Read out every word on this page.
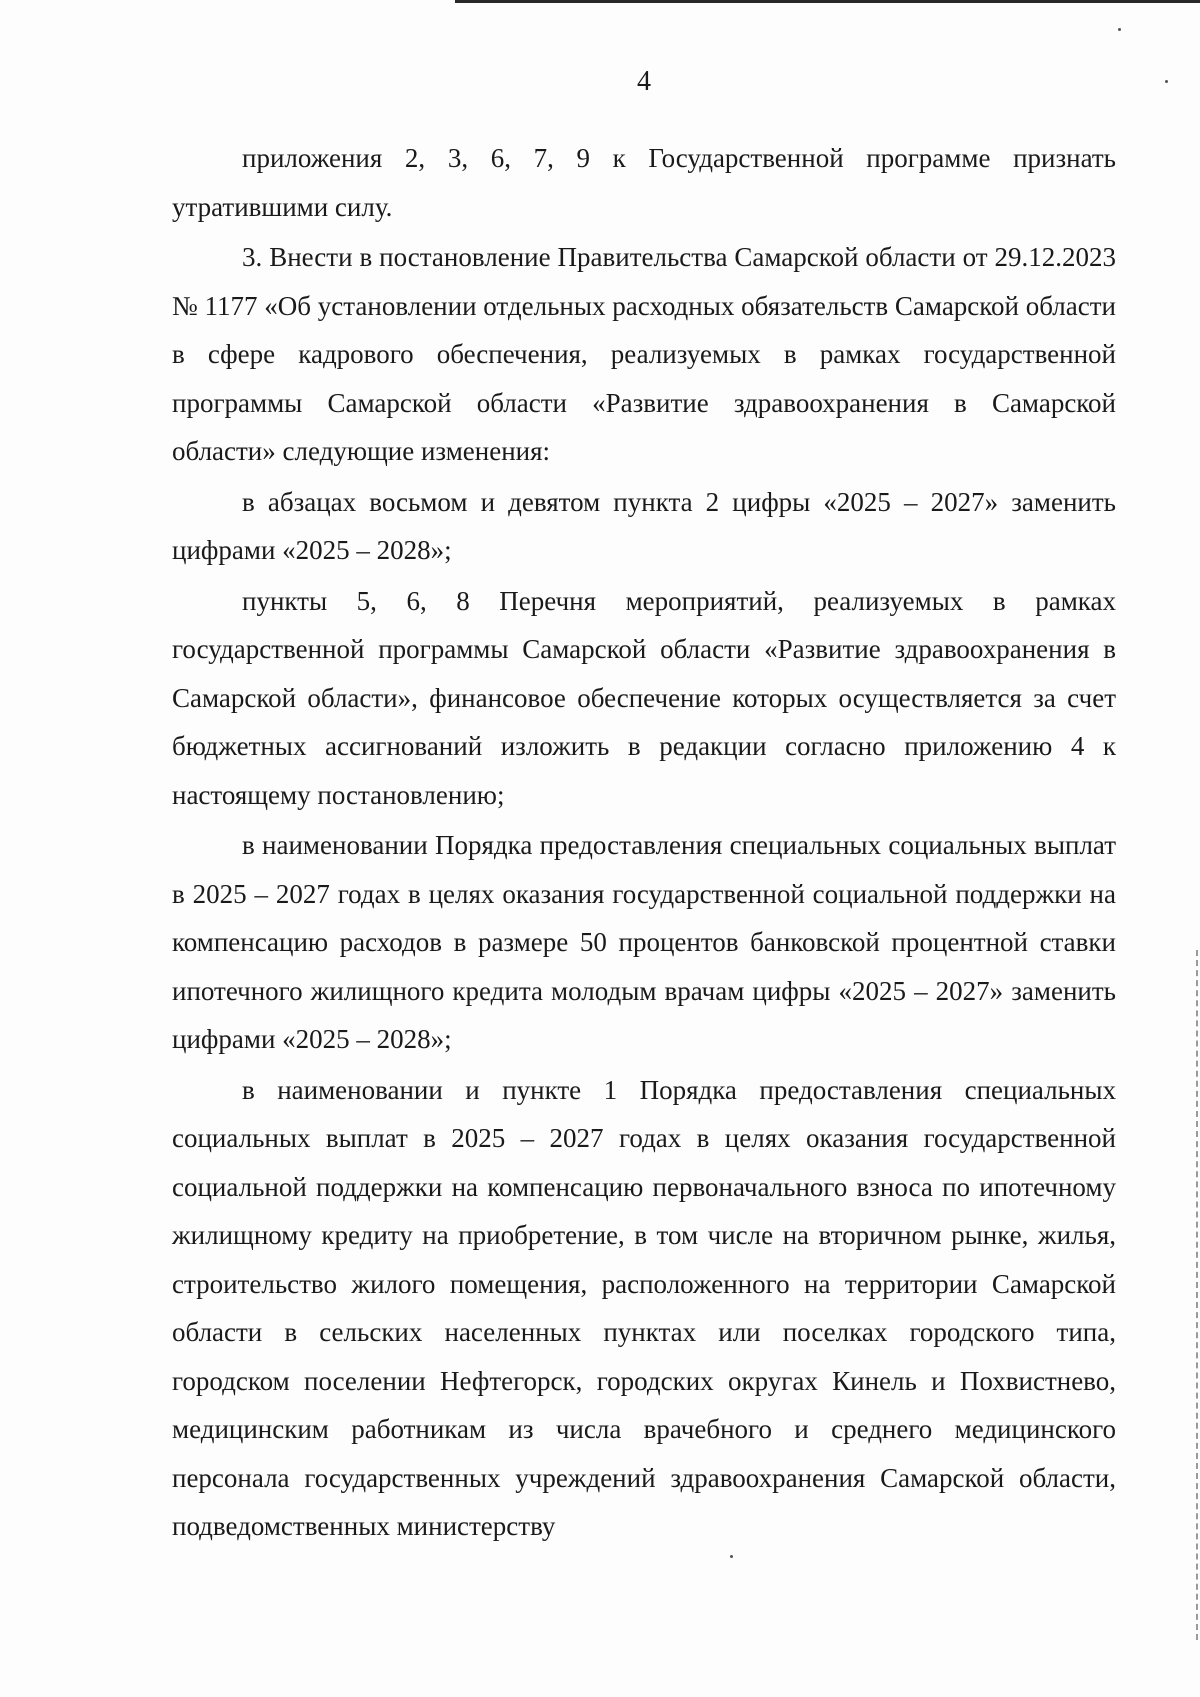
4

приложения 2, 3, 6, 7, 9 к Государственной программе признать утратившими силу.

3. Внести в постановление Правительства Самарской области от 29.12.2023 № 1177 «Об установлении отдельных расходных обязательств Самарской области в сфере кадрового обеспечения, реализуемых в рамках государственной программы Самарской области «Развитие здравоохранения в Самарской области» следующие изменения:

в абзацах восьмом и девятом пункта 2 цифры «2025 – 2027» заменить цифрами «2025 – 2028»;

пункты 5, 6, 8 Перечня мероприятий, реализуемых в рамках государственной программы Самарской области «Развитие здравоохранения в Самарской области», финансовое обеспечение которых осуществляется за счет бюджетных ассигнований изложить в редакции согласно приложению 4 к настоящему постановлению;

в наименовании Порядка предоставления специальных социальных выплат в 2025 – 2027 годах в целях оказания государственной социальной поддержки на компенсацию расходов в размере 50 процентов банковской процентной ставки ипотечного жилищного кредита молодым врачам цифры «2025 – 2027» заменить цифрами «2025 – 2028»;

в наименовании и пункте 1 Порядка предоставления специальных социальных выплат в 2025 – 2027 годах в целях оказания государственной социальной поддержки на компенсацию первоначального взноса по ипотечному жилищному кредиту на приобретение, в том числе на вторичном рынке, жилья, строительство жилого помещения, расположенного на территории Самарской области в сельских населенных пунктах или поселках городского типа, городском поселении Нефтегорск, городских округах Кинель и Похвистнево, медицинским работникам из числа врачебного и среднего медицинского персонала государственных учреждений здравоохранения Самарской области, подведомственных министерству
